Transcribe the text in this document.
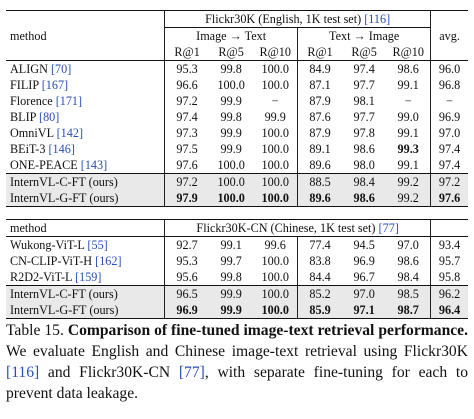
	Flickr30K (English, 1K test set) [116]						
method	Image → Text			Text → Image			avg.
	R@1	R@5	R@10	R@1	R@5	R@10	
ALIGN [70]	95.3	99.8	100.0	84.9	97.4	98.6	96.0
FILIP [167]	96.6	100.0	100.0	87.1	97.7	99.1	96.8
Florence [171]	97.2	99.9	−	87.9	98.1	−	−
BLIP [80]	97.4	99.8	99.9	87.6	97.7	99.0	96.9
OmniVL [142]	97.3	99.9	100.0	87.9	97.8	99.1	97.0
BEiT-3 [146]	97.5	99.9	100.0	89.1	98.6	99.3	97.4
ONE-PEACE [143]	97.6	100.0	100.0	89.6	98.0	99.1	97.4
InternVL-C-FT (ours)	97.2	100.0	100.0	88.5	98.4	99.2	97.2
InternVL-G-FT (ours)	97.9	100.0	100.0	89.6	98.6	99.2	97.6
method	Flickr30K-CN (Chinese, 1K test set) [77]						
Wukong-ViT-L [55]	92.7	99.1	99.6	77.4	94.5	97.0	93.4
CN-CLIP-ViT-H [162]	95.3	99.7	100.0	83.8	96.9	98.6	95.7
R2D2-ViT-L [159]	95.6	99.8	100.0	84.4	96.7	98.4	95.8
InternVL-C-FT (ours)	96.5	99.9	100.0	85.2	97.0	98.5	96.2
InternVL-G-FT (ours)	96.9	99.9	100.0	85.9	97.1	98.7	96.4
Table 15. Comparison of fine-tuned image-text retrieval performance. We evaluate English and Chinese image-text retrieval using Flickr30K [116] and Flickr30K-CN [77], with separate fine-tuning for each to prevent data leakage.
